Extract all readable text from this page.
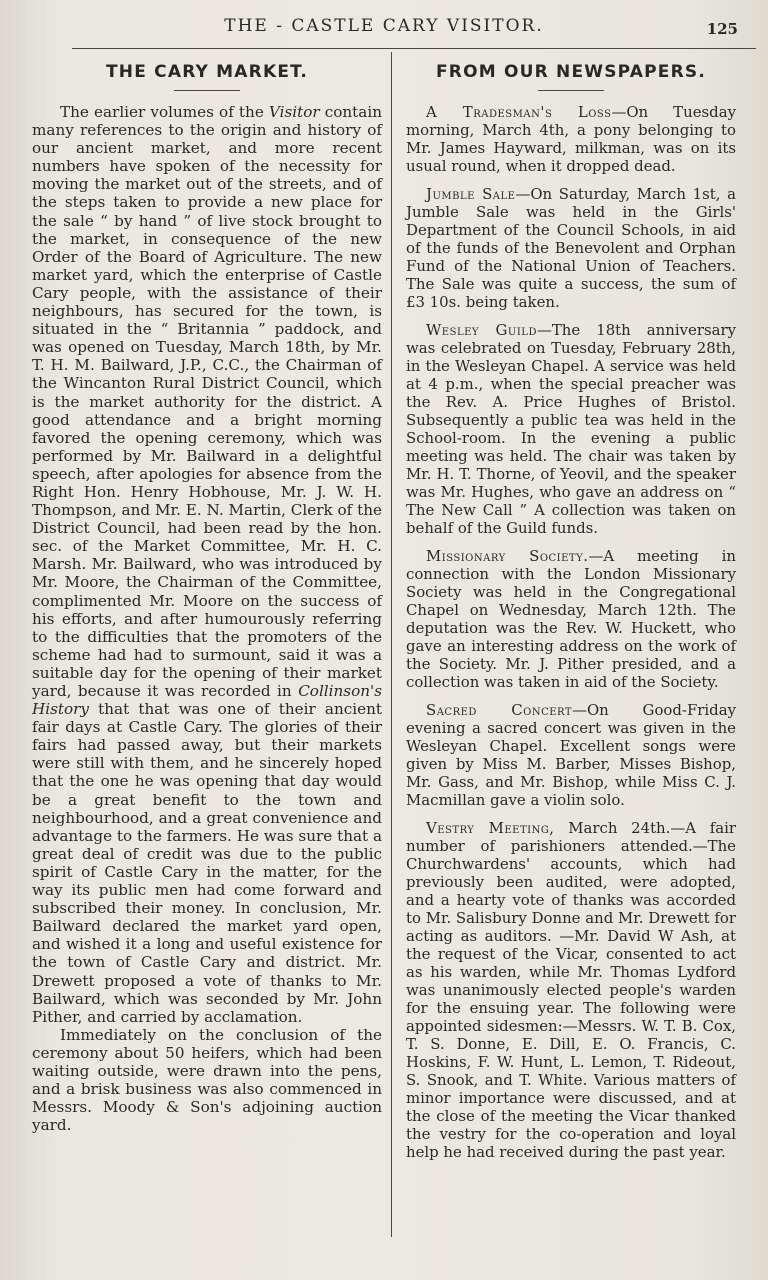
THE - CASTLE CARY VISITOR.	125
THE CARY MARKET.

The earlier volumes of the Visitor contain many references to the origin and history of our ancient market, and more recent numbers have spoken of the necessity for moving the market out of the streets, and of the steps taken to provide a new place for the sale “ by hand ” of live stock brought to the market, in consequence of the new Order of the Board of Agriculture. The new market yard, which the enterprise of Castle Cary people, with the assistance of their neighbours, has secured for the town, is situated in the “ Britannia ” paddock, and was opened on Tuesday, March 18th, by Mr. T. H. M. Bailward, J.P., C.C., the Chairman of the Wincanton Rural District Council, which is the market authority for the district. A good attendance and a bright morning favored the opening ceremony, which was performed by Mr. Bailward in a delightful speech, after apologies for absence from the Right Hon. Henry Hobhouse, Mr. J. W. H. Thompson, and Mr. E. N. Martin, Clerk of the District Council, had been read by the hon. sec. of the Market Committee, Mr. H. C. Marsh. Mr. Bailward, who was introduced by Mr. Moore, the Chairman of the Committee, complimented Mr. Moore on the success of his efforts, and after humourously referring to the difficulties that the promoters of the scheme had had to surmount, said it was a suitable day for the opening of their market yard, because it was recorded in Collinson's History that that was one of their ancient fair days at Castle Cary. The glories of their fairs had passed away, but their markets were still with them, and he sincerely hoped that the one he was opening that day would be a great benefit to the town and neighbourhood, and a great convenience and advantage to the farmers. He was sure that a great deal of credit was due to the public spirit of Castle Cary in the matter, for the way its public men had come forward and subscribed their money. In conclusion, Mr. Bailward declared the market yard open, and wished it a long and useful existence for the town of Castle Cary and district. Mr. Drewett proposed a vote of thanks to Mr. Bailward, which was seconded by Mr. John Pither, and carried by acclamation.

Immediately on the conclusion of the ceremony about 50 heifers, which had been waiting outside, were drawn into the pens, and a brisk business was also commenced in Messrs. Moody & Son's adjoining auction yard.

FROM OUR NEWSPAPERS.

A Tradesman's Loss—On Tuesday morning, March 4th, a pony belonging to Mr. James Hayward, milkman, was on its usual round, when it dropped dead.

Jumble Sale—On Saturday, March 1st, a Jumble Sale was held in the Girls' Department of the Council Schools, in aid of the funds of the Benevolent and Orphan Fund of the National Union of Teachers. The Sale was quite a success, the sum of £3 10s. being taken.

Wesley Guild—The 18th anniversary was celebrated on Tuesday, February 28th, in the Wesleyan Chapel. A service was held at 4 p.m., when the special preacher was the Rev. A. Price Hughes of Bristol. Subsequently a public tea was held in the School-room. In the evening a public meeting was held. The chair was taken by Mr. H. T. Thorne, of Yeovil, and the speaker was Mr. Hughes, who gave an address on “ The New Call ” A collection was taken on behalf of the Guild funds.

Missionary Society.—A meeting in connection with the London Missionary Society was held in the Congregational Chapel on Wednesday, March 12th. The deputation was the Rev. W. Huckett, who gave an interesting address on the work of the Society. Mr. J. Pither presided, and a collection was taken in aid of the Society.

Sacred Concert—On Good-Friday evening a sacred concert was given in the Wesleyan Chapel. Excellent songs were given by Miss M. Barber, Misses Bishop, Mr. Gass, and Mr. Bishop, while Miss C. J. Macmillan gave a violin solo.

Vestry Meeting, March 24th.—A fair number of parishioners attended.—The Churchwardens' accounts, which had previously been audited, were adopted, and a hearty vote of thanks was accorded to Mr. Salisbury Donne and Mr. Drewett for acting as auditors. —Mr. David W Ash, at the request of the Vicar, consented to act as his warden, while Mr. Thomas Lydford was unanimously elected people's warden for the ensuing year. The following were appointed sidesmen:—Messrs. W. T. B. Cox, T. S. Donne, E. Dill, E. O. Francis, C. Hoskins, F. W. Hunt, L. Lemon, T. Rideout, S. Snook, and T. White. Various matters of minor importance were discussed, and at the close of the meeting the Vicar thanked the vestry for the co-operation and loyal help he had received during the past year.
